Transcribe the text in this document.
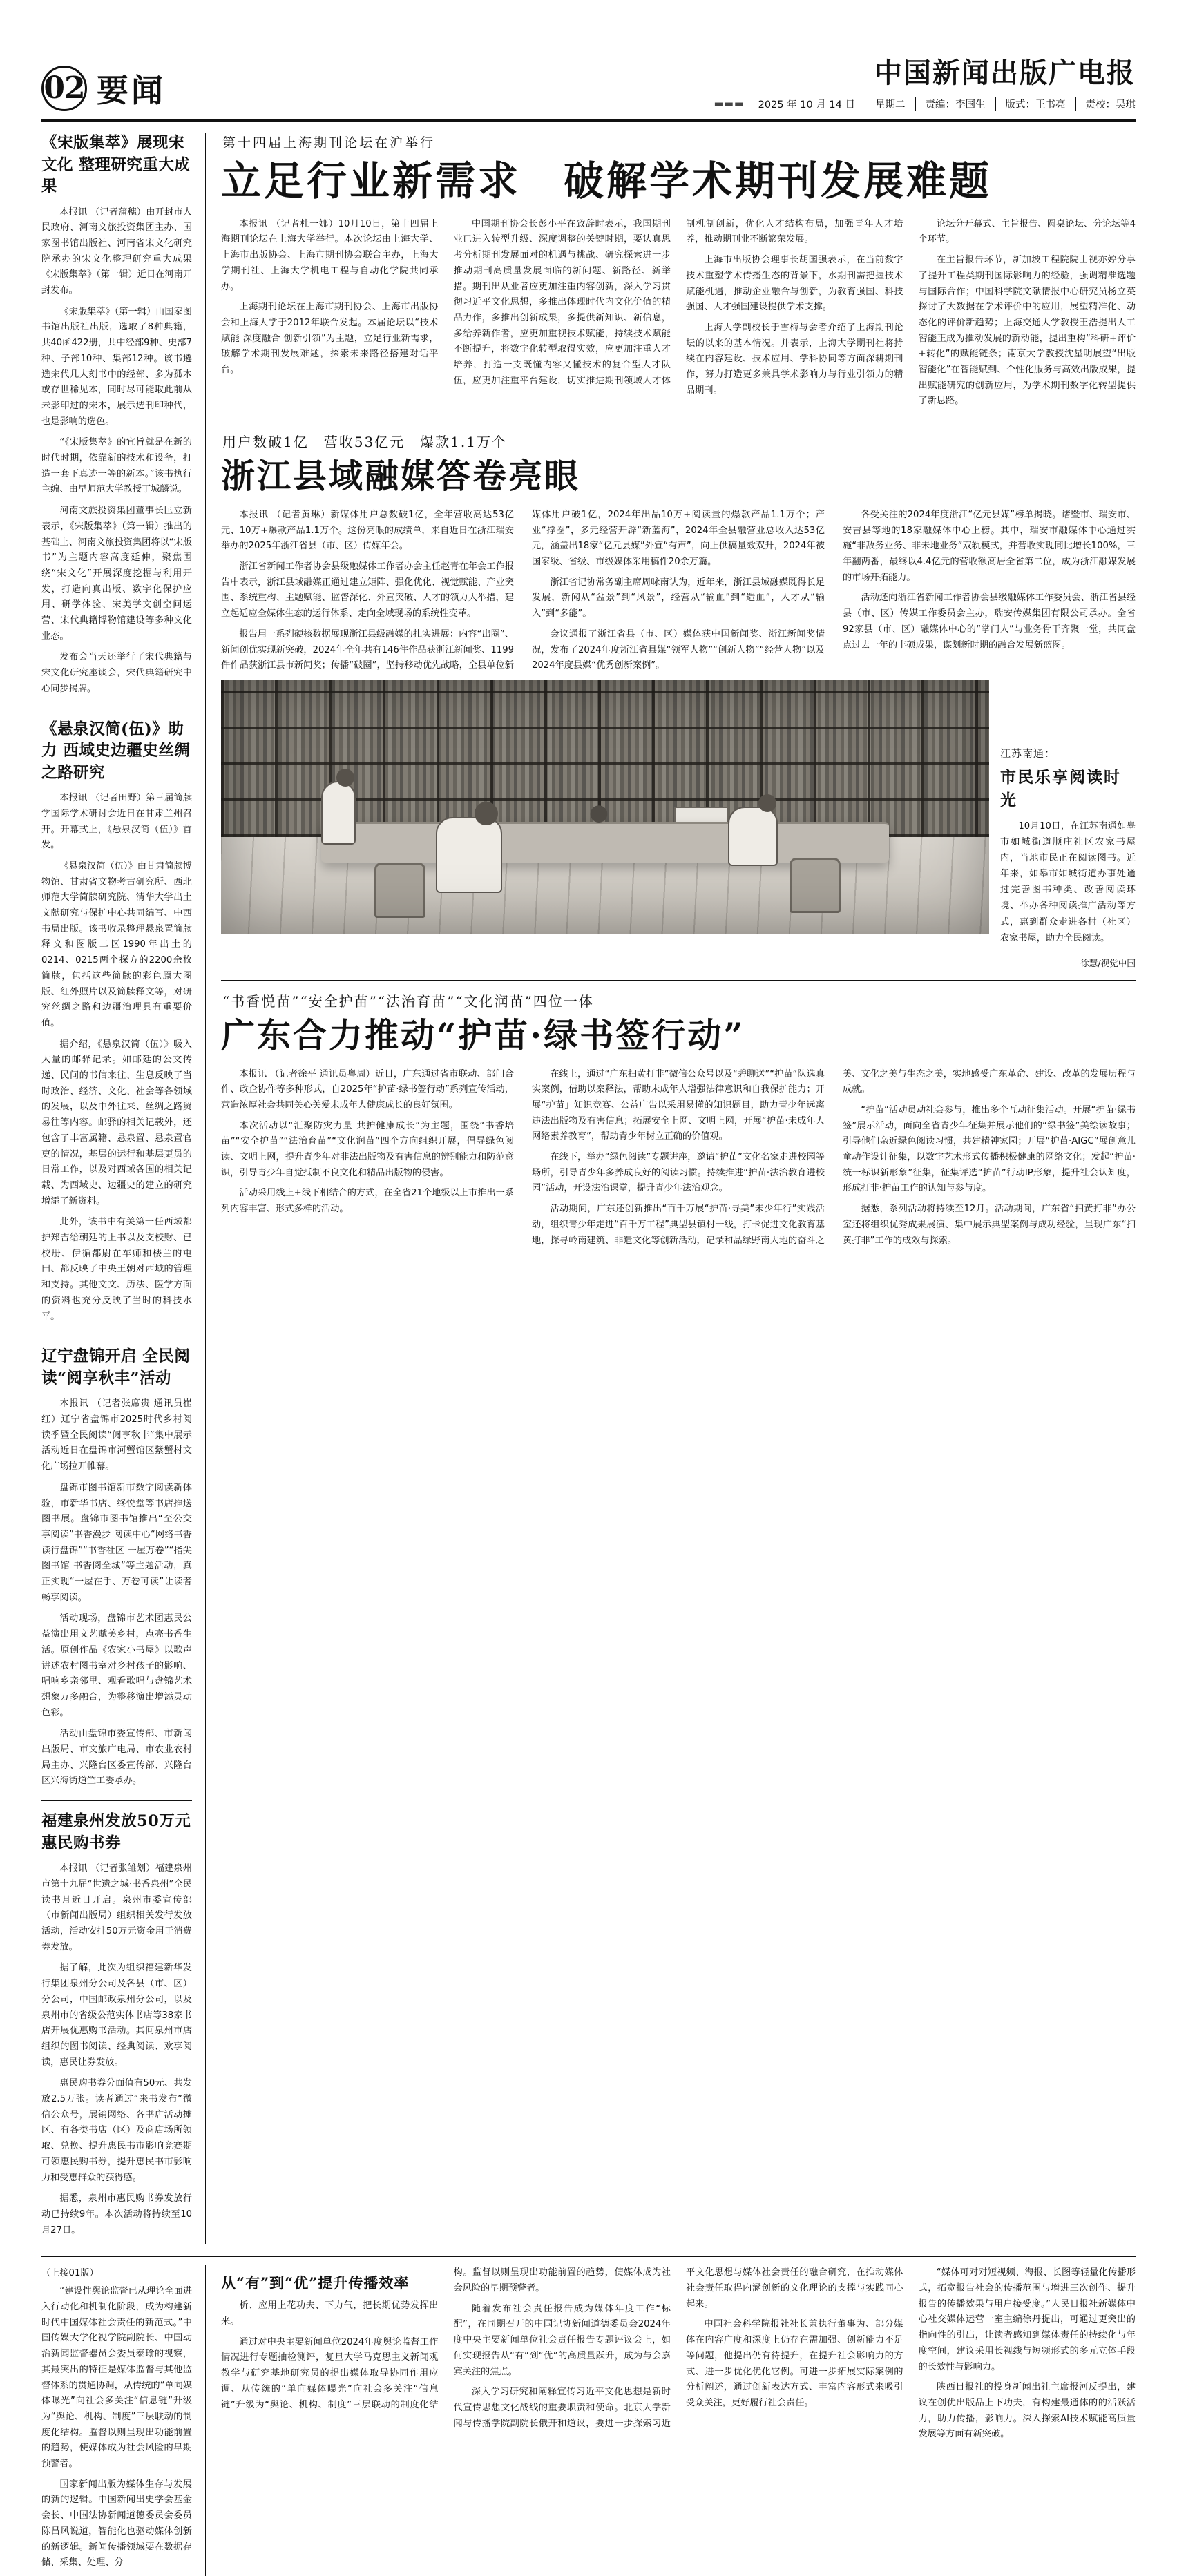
02 要闻	中国新闻出版广电报
▬▬▬	2025 年 10 月 14 日	星期二	责编：李国生	版式：王书亮	责校：吴琪
《宋版集萃》展现宋文化 整理研究重大成果

本报讯 （记者蒲穗）由开封市人民政府、河南文旅投资集团主办、国家图书馆出版社、河南省宋文化研究院承办的宋文化整理研究重大成果《宋版集萃》（第一辑）近日在河南开封发布。

《宋版集萃》（第一辑）由国家图书馆出版社出版，选取了8种典籍，共40函422册，共中经部9种、史部7种、子部10种、集部12种。该书遴选宋代几大刻书中的经部、多为孤本或存世稀见本，同时尽可能取此前从未影印过的宋本，展示选刊印种代，也是影响的选色。

“《宋版集萃》的宜旨就是在新的时代时期，依靠新的技术和设备，打造一套下真迹一等的新本。”该书执行主编、由早师范大学教授丁城麟说。

河南文旅投资集团董事长匡立新表示，《宋版集萃》（第一辑）推出的基础上、河南文旅投资集团将以“宋版书”为主题内容高度延伸，聚焦围绕“宋文化”开展深度挖掘与利用开发，打造向真出版、数字化保护应用、研学体验、宋美学文创空间运营、宋代典籍博物馆建设等多种文化业态。

发布会当天还举行了宋代典籍与宋文化研究座谈会，宋代典籍研究中心同步揭牌。

《悬泉汉简(伍)》助力 西域史边疆史丝绸之路研究

本报讯 （记者田野）第三届简牍学国际学术研讨会近日在甘肃兰州召开。开幕式上，《悬泉汉简（伍）》首发。

《悬泉汉简（伍）》由甘肃简牍博物馆、甘肃省文物考古研究所、西北师范大学简牍研究院、清华大学出土文献研究与保护中心共同编写、中西书局出版。该书收录整理悬泉置简牍释文和图版二区1990年出土的0214、0215两个探方的2200余枚简牍，包括这些简牍的彩色原大图版、红外照片以及简牍释文等，对研究丝绸之路和边疆治理具有重要价值。

据介绍，《悬泉汉简（伍）》吸入大量的邮驿记录。如邮廷的公文传递、民间的书信来往、生息反映了当时政治、经济、文化、社会等各领域的发展，以及中外往来、丝绸之路贸易往等内容。邮驿的相关记载外，还包含了丰富属籍、悬泉置、悬泉置官吏的情况，基层的运行和基层更员的日常工作，以及对西域各国的相关记载、为西域史、边疆史的建立的研究增添了新资料。

此外，该书中有关第一任西域都护郑吉给朝廷的上书以及支校财、已校册、伊循都尉在车师和楼兰的屯田、都反映了中央王朝对西域的管理和支持。其他文文、历法、医学方面的资料也充分反映了当时的科技水平。

辽宁盘锦开启 全民阅读“阅享秋丰”活动

本报讯 （记者张席贵 通讯员崔红）辽宁省盘锦市2025时代乡村阅读季暨全民阅读“阅享秋丰”集中展示活动近日在盘锦市河蟹馆区紫蟹村文化广场拉开帷幕。

盘锦市图书馆新市数字阅读新体验，市新华书店、终悦堂等书店推送图书展。盘锦市图书馆推出“至公交 享阅读”书香漫步 阅读中心“网络书香 读行盘锦”“书香社区 一屋万卷”“指尖图书馆 书香阅全城”等主题活动，真正实现“一屋在手、万卷可读”让读者畅享阅读。

活动现场，盘锦市艺术团惠民公益演出用文艺赋美乡村，点亮书香生活。原创作品《农家小书屋》以歌声讲述农村图书室对乡村孩子的影响、唱响乡亲邻里、观看歌唱与盘锦艺术想象万多融合，为整移演出增添灵动色彩。

活动由盘锦市委宣传部、市新闻出版局、市文旅广电局、市农业农村局主办、兴隆台区委宣传部、兴隆台区兴海街道竺工委承办。

福建泉州发放50万元 惠民购书券

本报讯 （记者张雏划）福建泉州市第十九届“世遗之城·书香泉州”全民读书月近日开启。泉州市委宣传部（市新闻出版局）组织相关发行发放活动，活动安排50万元资金用于消费券发放。

据了解，此次为组织福建新华发行集团泉州分公司及各县（市、区）分公司，中国邮政泉州分公司，以及泉州市的省级公范实体书店等38家书店开展优惠购书活动。其间泉州市店组织的图书阅读、经典阅读、欢享阅读，惠民让券发放。

惠民购书券分面值有50元、共发放2.5万张。读者通过“来书发布”微信公众号，展销网络、各书店活动摊区、有各类书店（区）及商店场所领取、兑换、提升惠民书市影响竞赛期可领惠民购书券，提升惠民书市影响力和受惠群众的获得感。

据悉，泉州市惠民购书券发放行动已持续9年。本次活动将持续至10月27日。

第十四届上海期刊论坛在沪举行
立足行业新需求　破解学术期刊发展难题

本报讯 （记者杜一娜）10月10日，第十四届上海期刊论坛在上海大学举行。本次论坛由上海大学、上海市出版协会、上海市期刊协会联合主办，上海大学期刊社、上海大学机电工程与自动化学院共同承办。

上海期刊论坛在上海市期刊协会、上海市出版协会和上海大学于2012年联合发起。本届论坛以“技术赋能 深度融合 创新引领”为主题，立足行业新需求，破解学术期刊发展难题，探索未来路径搭建对话平台。

中国期刊协会长彭小平在致辞时表示，我国期刊业已进入转型升级、深度调整的关键时期，要认真思考分析期刊发展面对的机遇与挑战、研究探索进一步推动期刊高质量发展面临的新问题、新路径、新举措。期刊出从业者应更加注重内容创新，深入学习贯彻习近平文化思想，多推出体现时代内文化价值的精品力作，多推出创新成果，多提供新知识、新信息，多给养新作者，应更加重视技术赋能，持续技术赋能不断提升，将数字化转型取得实效，应更加注重人才培养，打造一支既懂内容又懂技术的复合型人才队伍，应更加注重平台建设，切实推进期刊领域人才体制机制创新，优化人才结构布局，加强青年人才培养，推动期刊业不断繁荣发展。

上海市出版协会理事长胡国强表示，在当前数字技术重塑学术传播生态的背景下，水期刊需把握技术赋能机遇，推动企业融合与创新，为教育强国、科技强国、人才强国建设提供学术支撑。

上海大学副校长于雪梅与会者介绍了上海期刊论坛的以来的基本情况。并表示，上海大学期刊社将持续在内容建设、技术应用、学科协同等方面深耕期刊作，努力打造更多兼具学术影响力与行业引领力的精品期刊。

论坛分开幕式、主旨报告、圆桌论坛、分论坛等4个环节。

在主旨报告环节，新加坡工程院院士视亦婷分享了提升工程类期刊国际影响力的经验，强调精准选题与国际合作；中国科学院文献情报中心研究员杨立英探讨了大数据在学术评价中的应用，展望精准化、动态化的评价新趋势；上海交通大学教授王浩提出人工智能正成为推动发展的新动能，提出重构“科研+评价+转化”的赋能链条；南京大学教授沈星明展望“出版智能化”在智能赋到、个性化服务与高效出版成果，提出赋能研究的创新应用，为学术期刊数字化转型提供了新思路。

用户数破1亿　营收53亿元　爆款1.1万个
浙江县域融媒答卷亮眼

本报讯 （记者黄琳）新媒体用户总数破1亿，全年营收高达53亿元、10万+爆款产品1.1万个。这份亮眼的成绩单，来自近日在浙江瑞安举办的2025年浙江省县（市、区）传媒年会。

浙江省新闻工作者协会县级融媒体工作者办会主任赵青在年会工作报告中表示，浙江县域融媒正通过建立矩阵、强化优化、视觉赋能、产业突围、系统重构、主题赋能、监督深化、外宣突破、人才的领力大举措，建立起适应全媒体生态的运行体系、走向全域现场的系统性变革。

报告用一系列硬核数据展现浙江县级融媒的扎实进展：内容“出圈”、新闻创优实现新突破，2024年全年共有146件作品获浙江新闻奖、1199件作品获浙江县市新闻奖；传播“破圈”，坚持移动优先战略，全县单位新媒体用户破1亿，2024年出品10万+阅读量的爆款产品1.1万个；产业“撑圈”，多元经营开辟“新蓝海”，2024年全县融营业总收入达53亿元，涵盖出18家“亿元县媒”外宣“有声”，向上供稿量效双升，2024年被国家级、省级、市级媒体采用稿件20余万篇。

浙江省记协常务副主席周咏南认为，近年来，浙江县域融媒既得长足发展，新闻从“盆景”到“风景”，经营从“输血”到“造血”，人才从“输入”到“多能”。

会议通报了浙江省县（市、区）媒体获中国新闻奖、浙江新闻奖情况，发布了2024年度浙江省县媒“领军人物”“创新人物”“经营人物”以及2024年度县媒“优秀创新案例”。

各受关注的2024年度浙江“亿元县媒”榜单揭晓。诸暨市、瑞安市、安吉县等地的18家融媒体中心上榜。其中，瑞安市融媒体中心通过实施“非敌务业务、非未地业务”双轨模式，并营收实现同比增长100%，三年翻两番，最终以4.4亿元的营收额高居全省第二位，成为浙江融媒发展的市场开拓能力。

活动还向浙江省新闻工作者协会县级融媒体工作委员会、浙江省县经县（市、区）传媒工作委员会主办，瑞安传媒集团有限公司承办。全省92家县（市、区）融媒体中心的“掌门人”与业务骨干齐聚一堂，共同盘点过去一年的丰硕成果，谋划新时期的融合发展新蓝图。

江苏南通：
市民乐享阅读时光
10月10日，在江苏南通如皋市如城街道顺庄社区农家书屋内，当地市民正在阅读图书。近年来，如皋市如城街道办事处通过完善图书种类、改善阅读环境、举办各种阅读推广活动等方式，惠到群众走进各村（社区）农家书屋，助力全民阅读。
徐慧/视觉中国
“书香悦苗”“安全护苗”“法治育苗”“文化润苗”四位一体
广东合力推动“护苗·绿书签行动”

本报讯 （记者徐平 通讯员粤周）近日，广东通过省市联动、部门合作、政企协作等多种形式，自2025年“护苗·绿书签行动”系列宣传活动，营造浓厚社会共同关心关爱未成年人健康成长的良好氛围。

本次活动以“汇聚防灾力量 共护健康成长”为主题，围绕“书香培苗”“安全护苗”“法治育苗”“文化润苗”四个方向组织开展，倡导绿色阅读、文明上网，提升青少年对非法出版物及有害信息的辨别能力和防范意识，引导青少年自觉抵制不良文化和精品出版物的侵害。

活动采用线上+线下相结合的方式，在全省21个地级以上市推出一系列内容丰富、形式多样的活动。

在线上，通过“广东扫黄打非”微信公众号以及“碧聊送”“护苗”队选真实案例，借助以案释法，帮助未成年人增强法律意识和自我保护能力；开展“护苗」知识竞赛、公益广告以采用易懂的知识题目，助力青少年远离违法出版物及有害信息；拓展安全上网、文明上网，开展“护苗·未成年人网络素养教育”，帮助青少年树立正确的价值观。

在线下，举办“绿色阅读”专题讲座，邀请“护苗”文化名家走进校园等场所，引导青少年多养成良好的阅读习惯。持续推进“护苗·法治教育进校园”活动，开设法治课堂，提升青少年法治观念。

活动期间，广东还创新推出“百千万展“护苗·寻美”未少年行”实践活动，组织青少年走进“百千万工程”典型县镇村一线，打卡促进文化教育基地，探寻岭南建筑、非遗文化等创新活动，记录和品绿野南大地的奋斗之美、文化之美与生态之美，实地感受广东革命、建设、改革的发展历程与成就。

“护苗”活动员动社会参与，推出多个互动征集活动。开展“护苗·绿书签”展示活动，面向全省青少年征集并展示他们的“绿书签”美绘读故事；引导他们亲近绿色阅读习惯，共建精神家园；开展“护苗·AIGC”展创意儿童动作设计征集，以数字艺术形式传播积极健康的网络文化；发起“护苗·统一标识新形象”征集，征集评选“护苗”行动IP形象，提升社会认知度，形成打非·护苗工作的认知与参与度。

据悉，系列活动将持续至12月。活动期间，广东省“扫黄打非”办公室还将组织优秀成果展演、集中展示典型案例与成功经验，呈现广东“扫黄打非”工作的成效与探索。

（上接01版）

“建设性舆论监督已从理论全面进入行动化和机制化阶段，成为构建新时代中国媒体社会责任的新范式。”中国传媒大学化视学院副院长、中国动治新闻监督器员会委员泰瑜的视察，其最突出的特征是媒体监督与其他监督体系的贯通协调，从传统的“单向媒体曝光”向社会多关注“信息链”升级为“舆论、机构、制度”三层联动的制度化结构。监督以则呈现出功能前置的趋势，使媒体成为社会风险的早期预警者。

国家新闻出版为媒体生存与发展的新的逻辑。中国新闻出史学会基金会长、中国法协新闻道德委员会委员陈昌风说道，智能化也驱动媒体创新的新逻辑。新闻传播领域要在数据存储、采集、处理、分

从“有”到“优”提升传播效率

析、应用上花功夫、下力气，把长期优势发挥出来。

通过对中央主要新闻单位2024年度舆论监督工作情况进行专题抽检测评，复旦大学马克思主义新闻观教学与研究基地研究员的提出媒体取导协同作用应调、从传统的“单向媒体曝光”向社会多关注“信息链”升级为“舆论、机构、制度”三层联动的制度化结构。监督以则呈现出功能前置的趋势，使媒体成为社会风险的早期预警者。

随着发布社会责任报告成为媒体年度工作“标配”，在同期召开的中国记协新闻道德委员会2024年度中央主要新闻单位社会责任报告专题评议会上，如何实现报告从“有”到“优”的高质量跃升，成为与会嘉宾关注的焦点。

深入学习研究和阐释宣传习近平文化思想是新时代宣传思想文化战线的重要职责和使命。北京大学新闻与传播学院副院长俄开和道议，要进一步探索习近平文化思想与媒体社会责任的融合研究，在推动媒体社会责任取得内涵创新的文化理论的支撑与实践同心起来。

中国社会科学院报社社长兼执行董事为、部分媒体在内容广度和深度上仍存在需加强、创新能力不足等问题，他提出仍有待提升，在提升社会影响力的方式、进一步优化优化它例。可进一步拓展实际案例的分析阐述，通过创新表达方式、丰富内容形式来吸引受众关注，更好履行社会责任。

“媒体可对对短视频、海报、长图等轻量化传播形式，拓宽报告社会的传播范围与增进三次创作、提升报告的传播效果与用户接受度。”人民日报社新媒体中心社交媒体运营一室主编徐丹提出，可通过更突出的指向性的引出，让读者感知到媒体责任的持续化与年度空间，建议采用长视线与短频形式的多元立体手段的长效性与影响力。

陕西日报社的投身新闻出社主席报河反提出，建议在创优出版品上下功夫，有构建最通体的的活跃活力，助力传播，影响力。深入探索AI技术赋能高质量发展等方面有新突破。
